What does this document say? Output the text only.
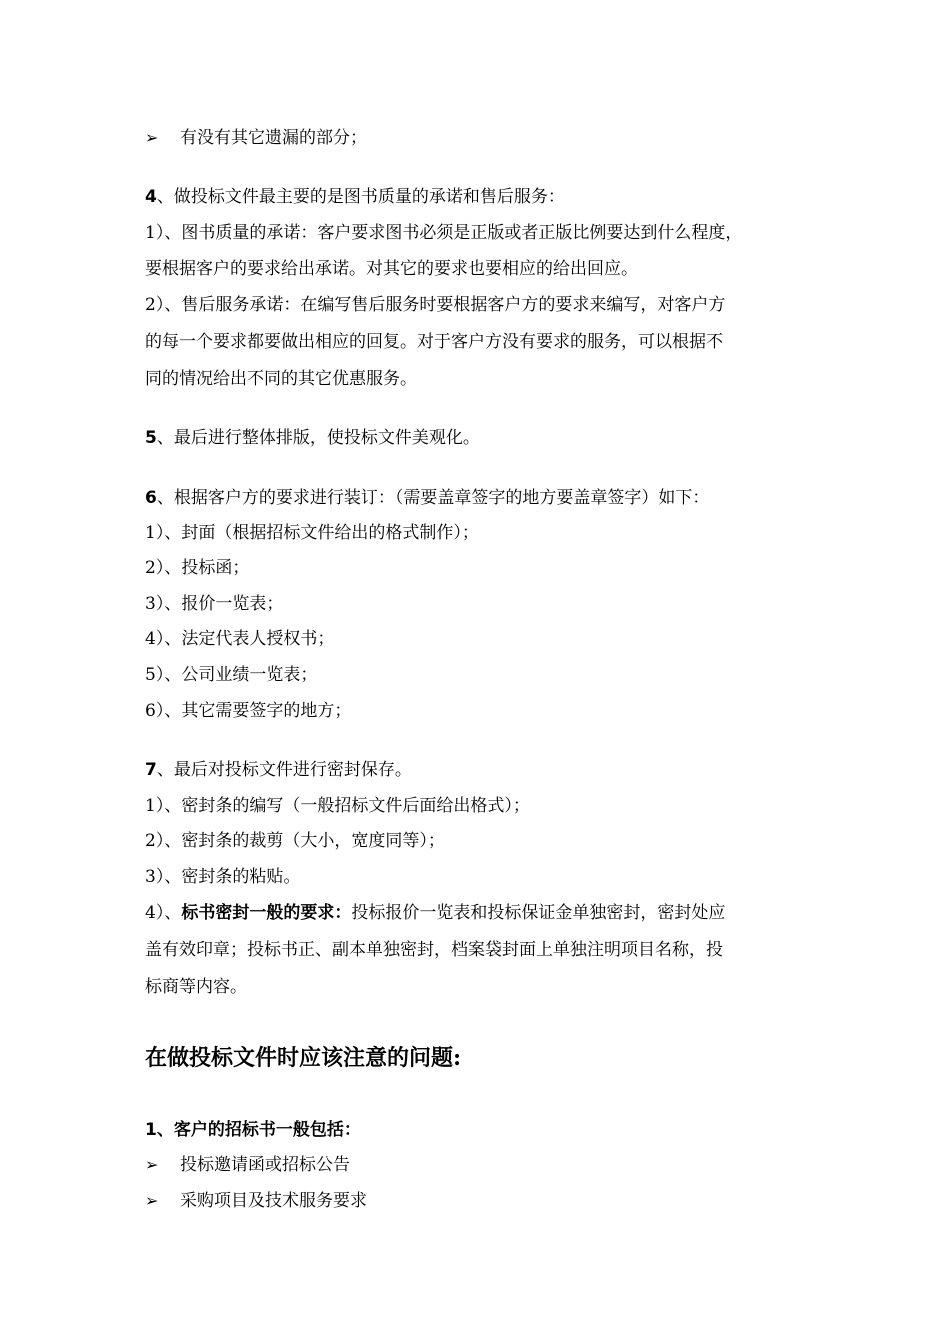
➢ 有没有其它遗漏的部分；
4、做投标文件最主要的是图书质量的承诺和售后服务：
1）、图书质量的承诺：客户要求图书必须是正版或者正版比例要达到什么程度，
要根据客户的要求给出承诺。对其它的要求也要相应的给出回应。
2）、售后服务承诺：在编写售后服务时要根据客户方的要求来编写，对客户方
的每一个要求都要做出相应的回复。对于客户方没有要求的服务，可以根据不
同的情况给出不同的其它优惠服务。
5、最后进行整体排版，使投标文件美观化。
6、根据客户方的要求进行装订：（需要盖章签字的地方要盖章签字）如下：
1）、封面（根据招标文件给出的格式制作）；
2）、投标函；
3）、报价一览表；
4）、法定代表人授权书；
5）、公司业绩一览表；
6）、其它需要签字的地方；
7、最后对投标文件进行密封保存。
1）、密封条的编写（一般招标文件后面给出格式）；
2）、密封条的裁剪（大小，宽度同等）；
3）、密封条的粘贴。
4）、标书密封一般的要求：投标报价一览表和投标保证金单独密封，密封处应
盖有效印章；投标书正、副本单独密封，档案袋封面上单独注明项目名称，投
标商等内容。
在做投标文件时应该注意的问题:
1、客户的招标书一般包括：
➢ 投标邀请函或招标公告
➢ 采购项目及技术服务要求
